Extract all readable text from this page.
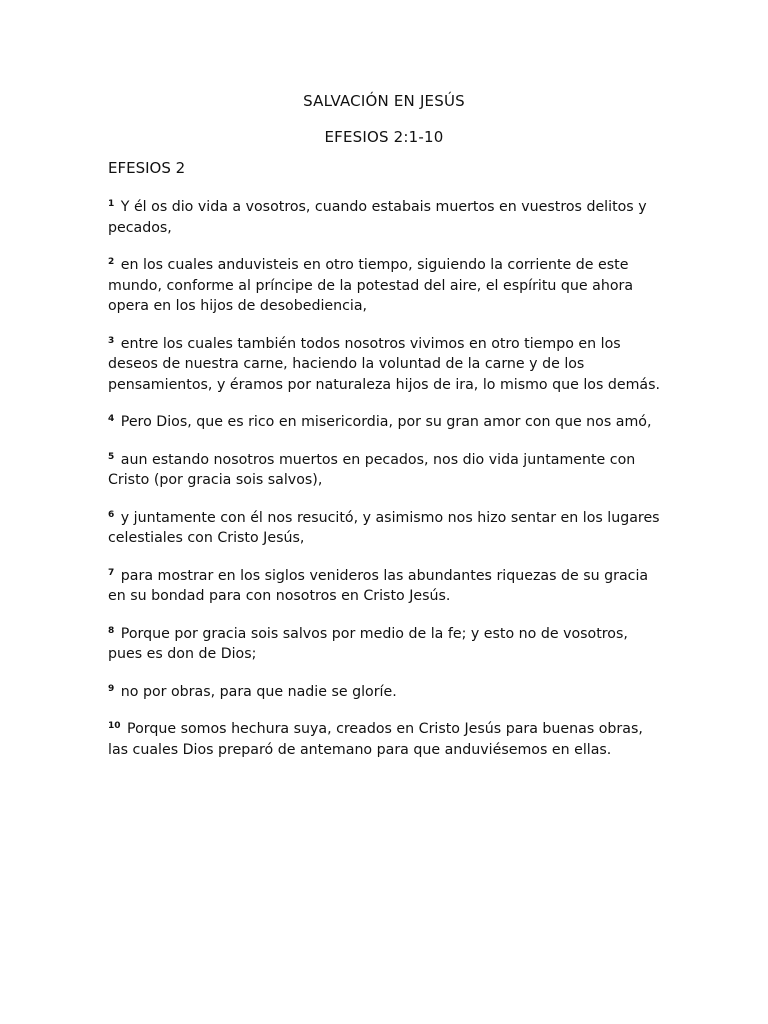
SALVACIÓN EN JESÚS
EFESIOS 2:1-10
EFESIOS 2

$^1$ Y él os dio vida a vosotros, cuando estabais muertos en vuestros delitos y pecados,

$^2$ en los cuales anduvisteis en otro tiempo, siguiendo la corriente de este mundo, conforme al príncipe de la potestad del aire, el espíritu que ahora opera en los hijos de desobediencia,

$^3$ entre los cuales también todos nosotros vivimos en otro tiempo en los deseos de nuestra carne, haciendo la voluntad de la carne y de los pensamientos, y éramos por naturaleza hijos de ira, lo mismo que los demás.

$^4$ Pero Dios, que es rico en misericordia, por su gran amor con que nos amó,

$^5$ aun estando nosotros muertos en pecados, nos dio vida juntamente con Cristo (por gracia sois salvos),

$^6$ y juntamente con él nos resucitó, y asimismo nos hizo sentar en los lugares celestiales con Cristo Jesús,

$^7$ para mostrar en los siglos venideros las abundantes riquezas de su gracia en su bondad para con nosotros en Cristo Jesús.

$^8$ Porque por gracia sois salvos por medio de la fe; y esto no de vosotros, pues es don de Dios;

$^9$ no por obras, para que nadie se gloríe.

$^{10}$ Porque somos hechura suya, creados en Cristo Jesús para buenas obras, las cuales Dios preparó de antemano para que anduviésemos en ellas.
